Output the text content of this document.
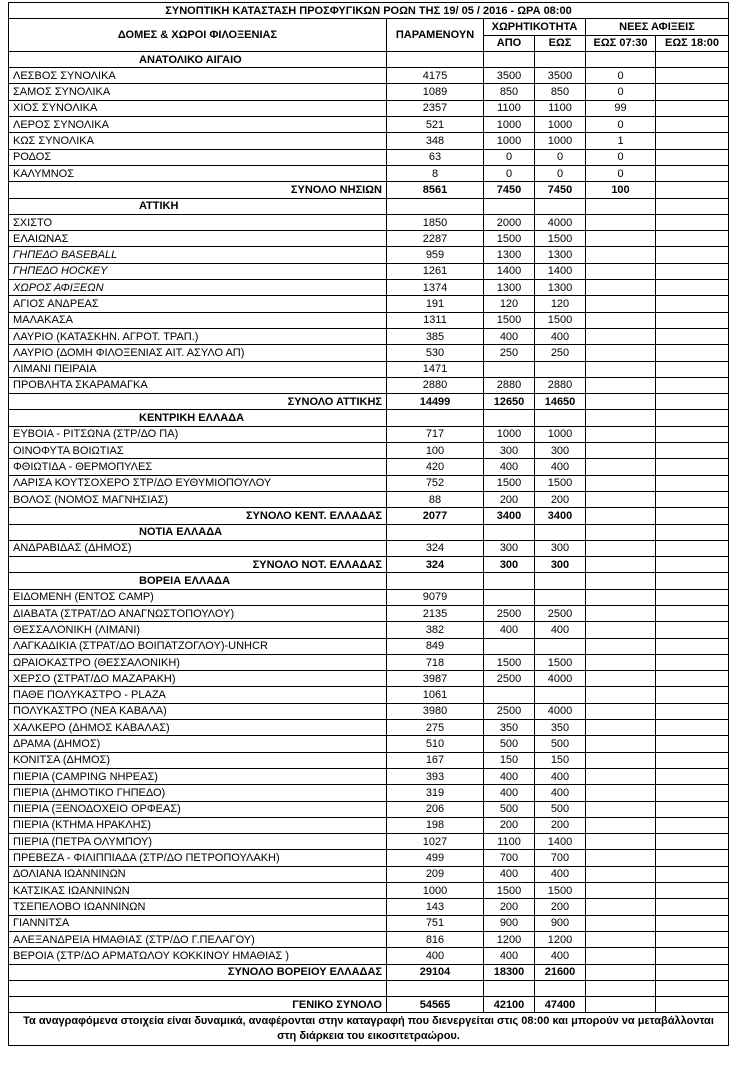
ΣΥΝΟΠΤΙΚΗ ΚΑΤΑΣΤΑΣΗ ΠΡΟΣΦΥΓΙΚΩΝ ΡΟΩΝ ΤΗΣ 19/ 05 / 2016 - ΩΡΑ 08:00					
ΔΟΜΕΣ & ΧΩΡΟΙ ΦΙΛΟΞΕΝΙΑΣ	ΠΑΡΑΜΕΝΟΥΝ	ΧΩΡΗΤΙΚΟΤΗΤΑ		ΝΕΕΣ ΑΦΙΞΕΙΣ	
		ΑΠΟ	ΕΩΣ	ΕΩΣ 07:30	ΕΩΣ 18:00
ΑΝΑΤΟΛΙΚΟ ΑΙΓΑΙΟ					
ΛΕΣΒΟΣ ΣΥΝΟΛΙΚΑ	4175	3500	3500	0	
ΣΑΜΟΣ ΣΥΝΟΛΙΚΑ	1089	850	850	0	
ΧΙΟΣ ΣΥΝΟΛΙΚΑ	2357	1100	1100	99	
ΛΕΡΟΣ ΣΥΝΟΛΙΚΑ	521	1000	1000	0	
ΚΩΣ ΣΥΝΟΛΙΚΑ	348	1000	1000	1	
ΡΟΔΟΣ	63	0	0	0	
ΚΑΛΥΜΝΟΣ	8	0	0	0	
ΣΥΝΟΛΟ ΝΗΣΙΩΝ	8561	7450	7450	100	
ΑΤΤΙΚΗ					
ΣΧΙΣΤΟ	1850	2000	4000		
ΕΛΑΙΩΝΑΣ	2287	1500	1500		
ΓΗΠΕΔΟ BASEBALL	959	1300	1300		
ΓΗΠΕΔΟ HOCKEY	1261	1400	1400		
ΧΩΡΟΣ ΑΦΙΞΕΩΝ	1374	1300	1300		
ΑΓΙΟΣ ΑΝΔΡΕΑΣ	191	120	120		
ΜΑΛΑΚΑΣΑ	1311	1500	1500		
ΛΑΥΡΙΟ (ΚΑΤΑΣΚΗΝ. ΑΓΡΟΤ. ΤΡΑΠ.)	385	400	400		
ΛΑΥΡΙΟ (ΔΟΜΗ ΦΙΛΟΞΕΝΙΑΣ ΑΙΤ. ΑΣΥΛΟ ΑΠ)	530	250	250		
ΛΙΜΑΝΙ ΠΕΙΡΑΙΑ	1471				
ΠΡΟΒΛΗΤΑ ΣΚΑΡΑΜΑΓΚΑ	2880	2880	2880		
ΣΥΝΟΛΟ ΑΤΤΙΚΗΣ	14499	12650	14650		
ΚΕΝΤΡΙΚΗ ΕΛΛΑΔΑ					
ΕΥΒΟΙΑ - ΡΙΤΣΩΝΑ (ΣΤΡ/ΔΟ ΠΑ)	717	1000	1000		
ΟΙΝΟΦΥΤΑ ΒΟΙΩΤΙΑΣ	100	300	300		
ΦΘΙΩΤΙΔΑ - ΘΕΡΜΟΠΥΛΕΣ	420	400	400		
ΛΑΡΙΣΑ ΚΟΥΤΣΟΧΕΡΟ ΣΤΡ/ΔΟ ΕΥΘΥΜΙΟΠΟΥΛΟΥ	752	1500	1500		
ΒΟΛΟΣ (ΝΟΜΟΣ ΜΑΓΝΗΣΙΑΣ)	88	200	200		
ΣΥΝΟΛΟ ΚΕΝΤ. ΕΛΛΑΔΑΣ	2077	3400	3400		
ΝΟΤΙΑ ΕΛΛΑΔΑ					
ΑΝΔΡΑΒΙΔΑΣ (ΔΗΜΟΣ)	324	300	300		
ΣΥΝΟΛΟ ΝΟΤ. ΕΛΛΑΔΑΣ	324	300	300		
ΒΟΡΕΙΑ ΕΛΛΑΔΑ					
ΕΙΔΟΜΕΝΗ (ΕΝΤΟΣ CAMP)	9079				
ΔΙΑΒΑΤΑ (ΣΤΡΑΤ/ΔΟ ΑΝΑΓΝΩΣΤΟΠΟΥΛΟΥ)	2135	2500	2500		
ΘΕΣΣΑΛΟΝΙΚΗ (ΛΙΜΑΝΙ)	382	400	400		
ΛΑΓΚΑΔΙΚΙΑ (ΣΤΡΑΤ/ΔΟ ΒΟΙΠΑΤΖΟΓΛΟΥ)-UNHCR	849				
ΩΡΑΙΟΚΑΣΤΡΟ (ΘΕΣΣΑΛΟΝΙΚΗ)	718	1500	1500		
ΧΕΡΣΟ (ΣΤΡΑΤ/ΔΟ ΜΑΖΑΡΑΚΗ)	3987	2500	4000		
ΠΑΘΕ ΠΟΛΥΚΑΣΤΡΟ - PLAZA	1061				
ΠΟΛΥΚΑΣΤΡΟ (ΝΕΑ ΚΑΒΑΛΑ)	3980	2500	4000		
ΧΑΛΚΕΡΟ (ΔΗΜΟΣ ΚΑΒΑΛΑΣ)	275	350	350		
ΔΡΑΜΑ (ΔΗΜΟΣ)	510	500	500		
ΚΟΝΙΤΣΑ (ΔΗΜΟΣ)	167	150	150		
ΠΙΕΡΙΑ (CAMPING ΝΗΡΕΑΣ)	393	400	400		
ΠΙΕΡΙΑ (ΔΗΜΟΤΙΚΟ ΓΗΠΕΔΟ)	319	400	400		
ΠΙΕΡΙΑ (ΞΕΝΟΔΟΧΕΙΟ ΟΡΦΕΑΣ)	206	500	500		
ΠΙΕΡΙΑ (ΚΤΗΜΑ ΗΡΑΚΛΗΣ)	198	200	200		
ΠΙΕΡΙΑ (ΠΕΤΡΑ ΟΛΥΜΠΟΥ)	1027	1100	1400		
ΠΡΕΒΕΖΑ - ΦΙΛΙΠΠΙΑΔΑ (ΣΤΡ/ΔΟ ΠΕΤΡΟΠΟΥΛΑΚΗ)	499	700	700		
ΔΟΛΙΑΝΑ ΙΩΑΝΝΙΝΩΝ	209	400	400		
ΚΑΤΣΙΚΑΣ ΙΩΑΝΝΙΝΩΝ	1000	1500	1500		
ΤΣΕΠΕΛΟΒΟ ΙΩΑΝΝΙΝΩΝ	143	200	200		
ΓΙΑΝΝΙΤΣΑ	751	900	900		
ΑΛΕΞΑΝΔΡΕΙΑ ΗΜΑΘΙΑΣ (ΣΤΡ/ΔΟ Γ.ΠΕΛΑΓΟΥ)	816	1200	1200		
ΒΕΡΟΙΑ (ΣΤΡ/ΔΟ ΑΡΜΑΤΩΛΟΥ ΚΟΚΚΙΝΟΥ ΗΜΑΘΙΑΣ )	400	400	400		
ΣΥΝΟΛΟ ΒΟΡΕΙΟΥ ΕΛΛΑΔΑΣ	29104	18300	21600		

ΓΕΝΙΚΟ ΣΥΝΟΛΟ	54565	42100	47400		
Τα αναγραφόμενα στοιχεία είναι δυναμικά, αναφέρονται στην καταγραφή που διενεργείται στις 08:00 και μπορούν να μεταβάλλονται στη διάρκεια του εικοσιτετραώρου.					
